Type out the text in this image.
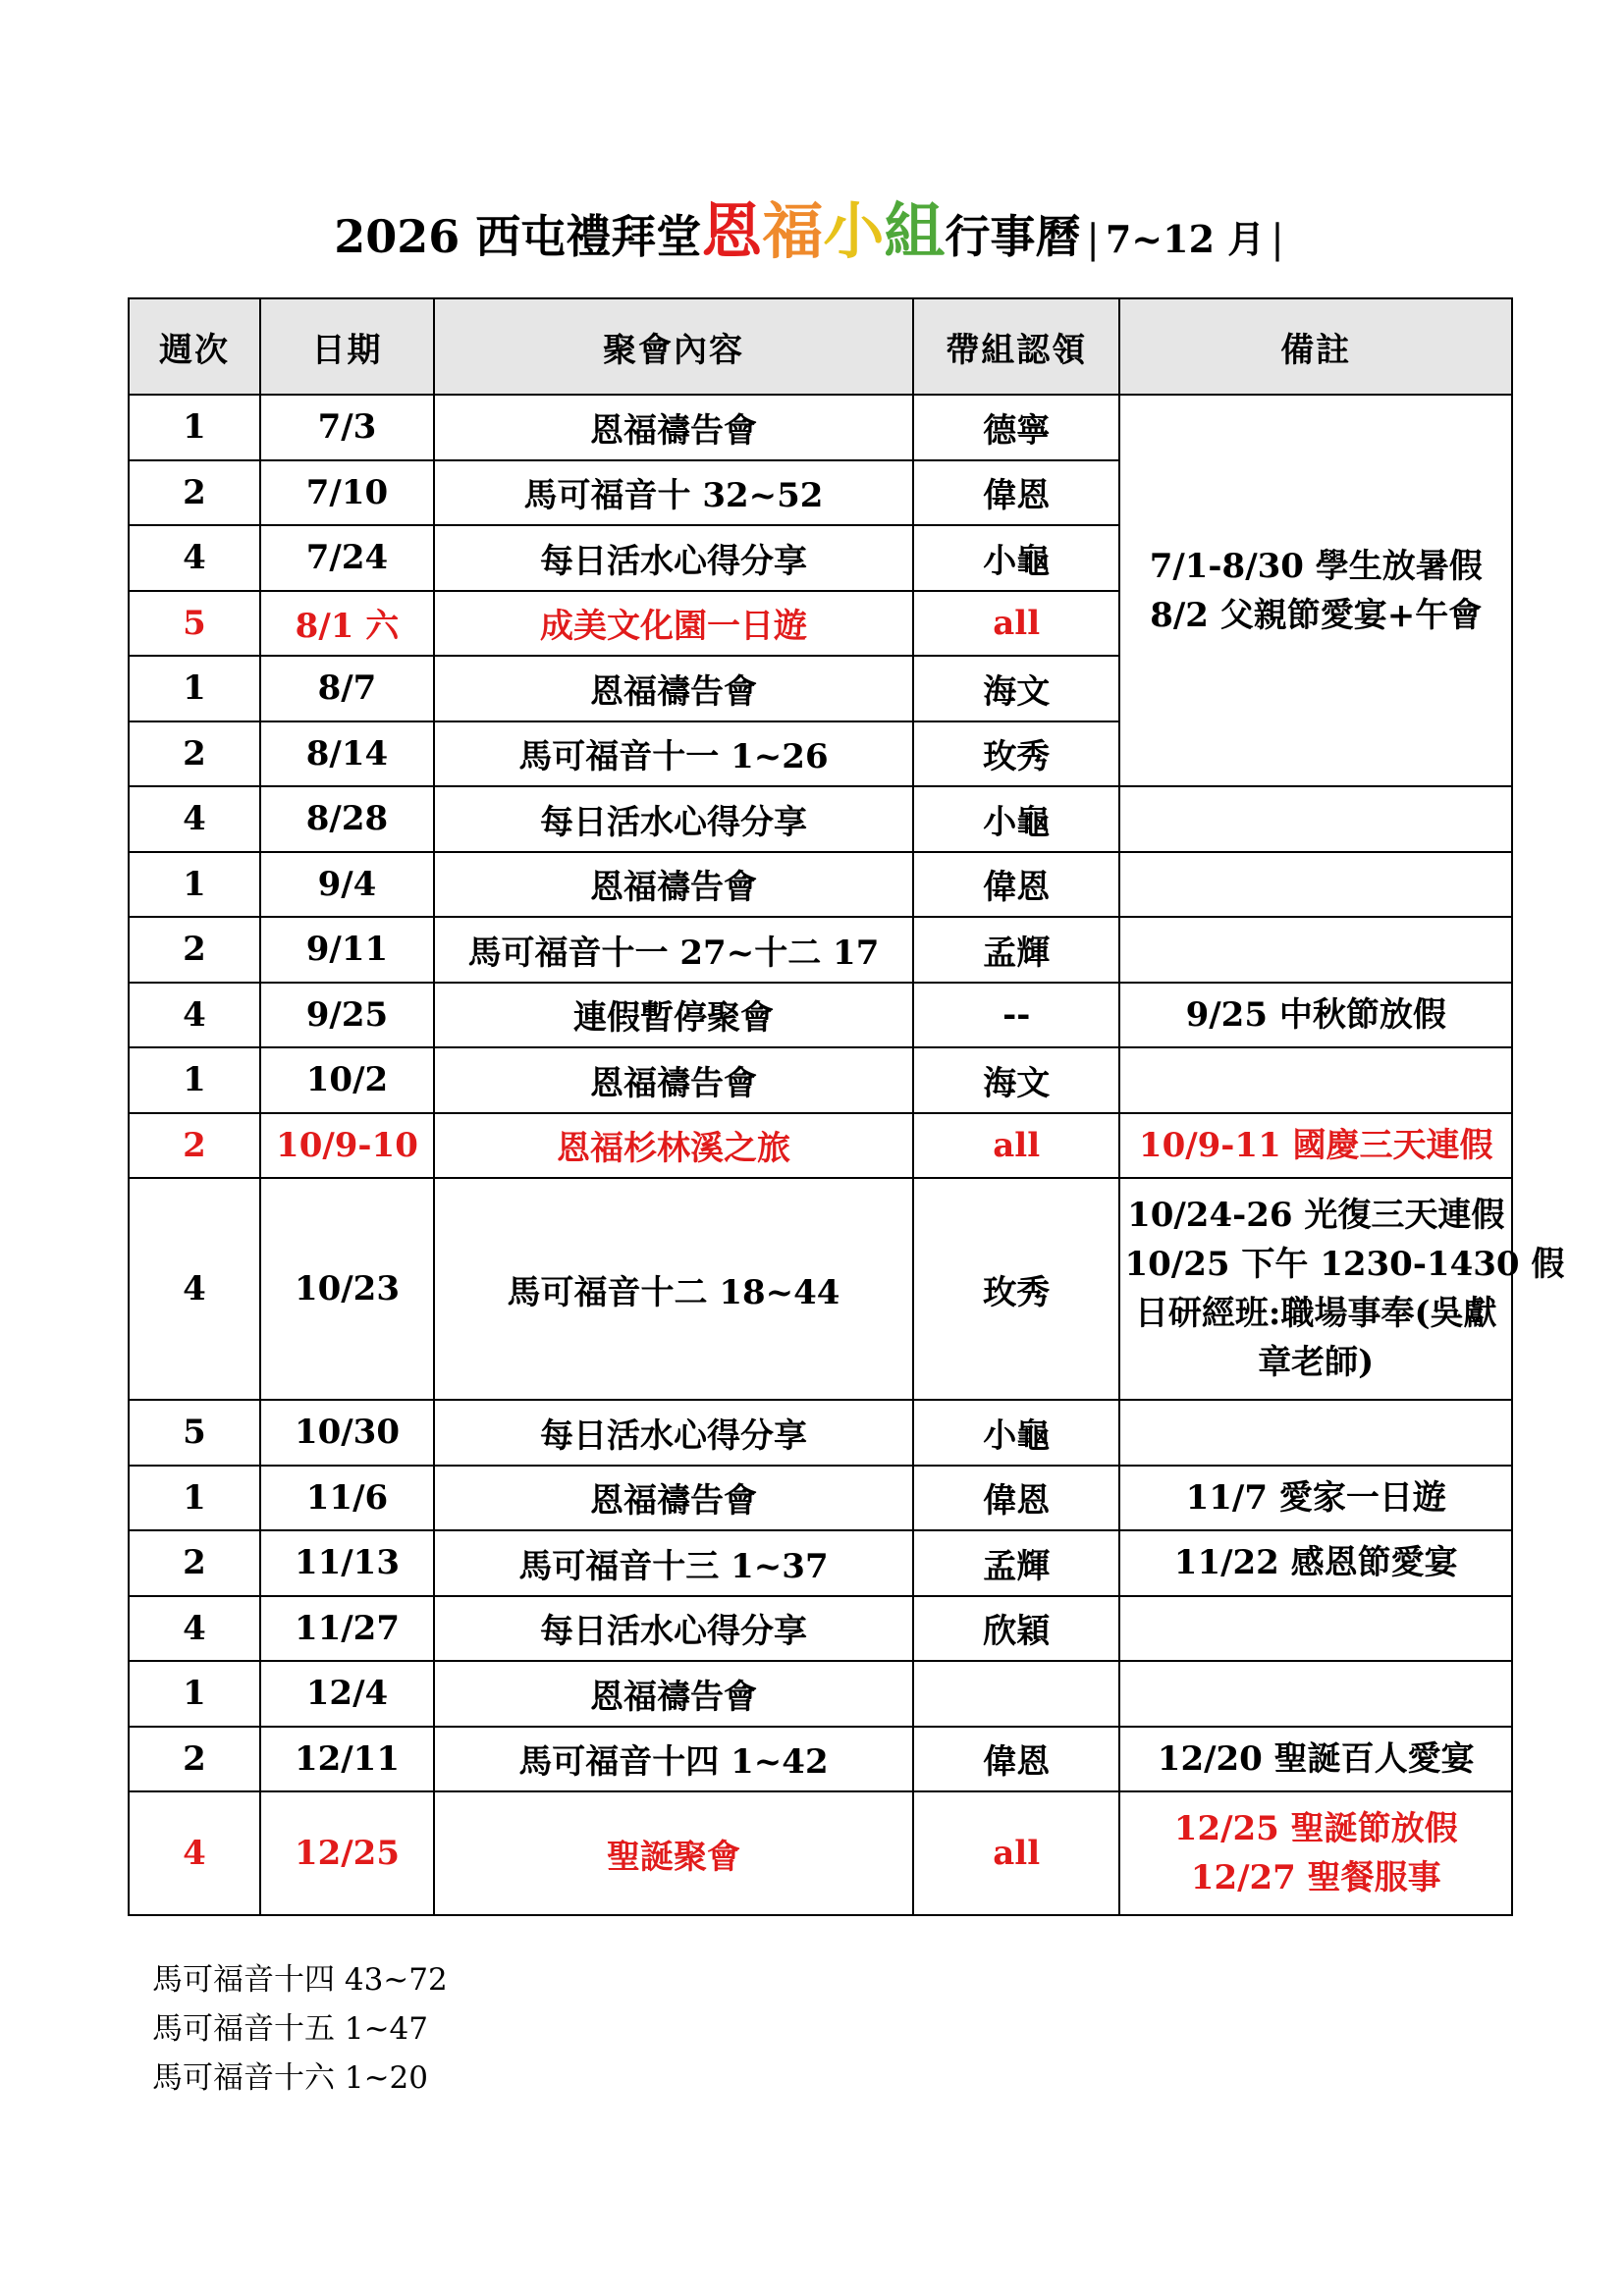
2026 西屯禮拜堂恩福小組行事曆 | 7~12 月 |
週次	日期	聚會內容	帶組認領	備註
1	7/3	恩福禱告會	德寧	7/1-8/30 學生放暑假
8/2 父親節愛宴+午會

2	7/10	馬可福音十 32~52	偉恩	
4	7/24	每日活水心得分享	小龜	
5	8/1 六	成美文化園一日遊	all	
1	8/7	恩福禱告會	海文	
2	8/14	馬可福音十一 1~26	玫秀	
4	8/28	每日活水心得分享	小龜	

1	9/4	恩福禱告會	偉恩	

2	9/11	馬可福音十一 27~十二 17	孟輝	

4	9/25	連假暫停聚會	--	9/25 中秋節放假

1	10/2	恩福禱告會	海文	

2	10/9-10	恩福杉林溪之旅	all	10/9-11 國慶三天連假

4	10/23	馬可福音十二 18~44	玫秀	10/24-26 光復三天連假
10/25 下午 1230-1430 假
日研經班:職場事奉(吳獻
章老師)

5	10/30	每日活水心得分享	小龜	

1	11/6	恩福禱告會	偉恩	11/7 愛家一日遊

2	11/13	馬可福音十三 1~37	孟輝	11/22 感恩節愛宴

4	11/27	每日活水心得分享	欣穎	

1	12/4	恩福禱告會		

2	12/11	馬可福音十四 1~42	偉恩	12/20 聖誕百人愛宴

4	12/25	聖誕聚會	all	12/25 聖誕節放假
12/27 聖餐服事
馬可福音十四 43~72
馬可福音十五 1~47
馬可福音十六 1~20
